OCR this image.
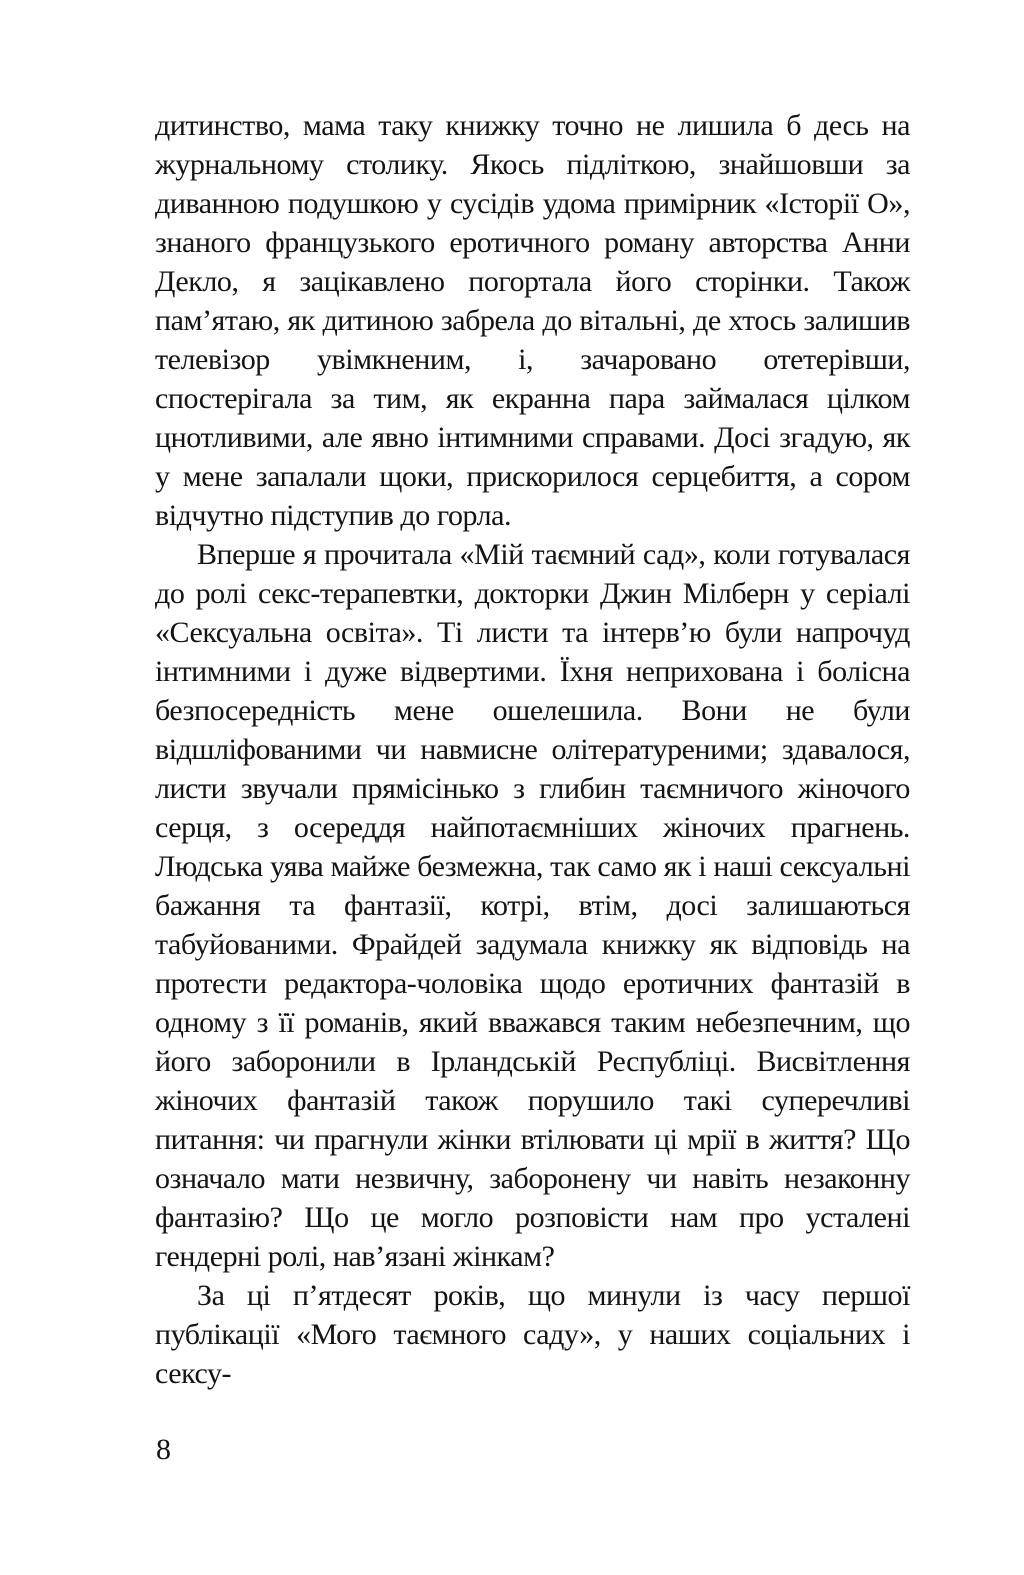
дитинство, мама таку книжку точно не лишила б десь на журнальному столику. Якось підліткою, знайшовши за диванною подушкою у сусідів удома примірник «Історії О», знаного французького еротичного роману авторства Анни Декло, я зацікавлено погортала його сторінки. Також пам’ятаю, як дитиною забрела до вітальні, де хтось залишив телевізор увімкненим, і, зачаровано отетерівши, спостерігала за тим, як екранна пара займалася цілком цнотливими, але явно інтимними справами. Досі згадую, як у мене запалали щоки, прискорилося серцебиття, а сором відчутно підступив до горла.

Вперше я прочитала «Мій таємний сад», коли готувалася до ролі секс-терапевтки, докторки Джин Мілберн у серіалі «Сексуальна освіта». Ті листи та інтерв’ю були напрочуд інтимними і дуже відвертими. Їхня неприхована і болісна безпосередність мене ошелешила. Вони не були відшліфованими чи навмисне олітературеними; здавалося, листи звучали прямісінько з глибин таємничого жіночого серця, з осереддя найпотаємніших жіночих прагнень. Людська уява майже безмежна, так само як і наші сексуальні бажання та фантазії, котрі, втім, досі залишаються табуйованими. Фрайдей задумала книжку як відповідь на протести редактора-чоловіка щодо еротичних фантазій в одному з її романів, який вважався таким небезпечним, що його заборонили в Ірландській Республіці. Висвітлення жіночих фантазій також порушило такі суперечливі питання: чи прагнули жінки втілювати ці мрії в життя? Що означало мати незвичну, заборонену чи навіть незаконну фантазію? Що це могло розповісти нам про усталені гендерні ролі, нав’язані жінкам?

За ці п’ятдесят років, що минули із часу першої публікації «Мого таємного саду», у наших соціальних і сексу-

8
